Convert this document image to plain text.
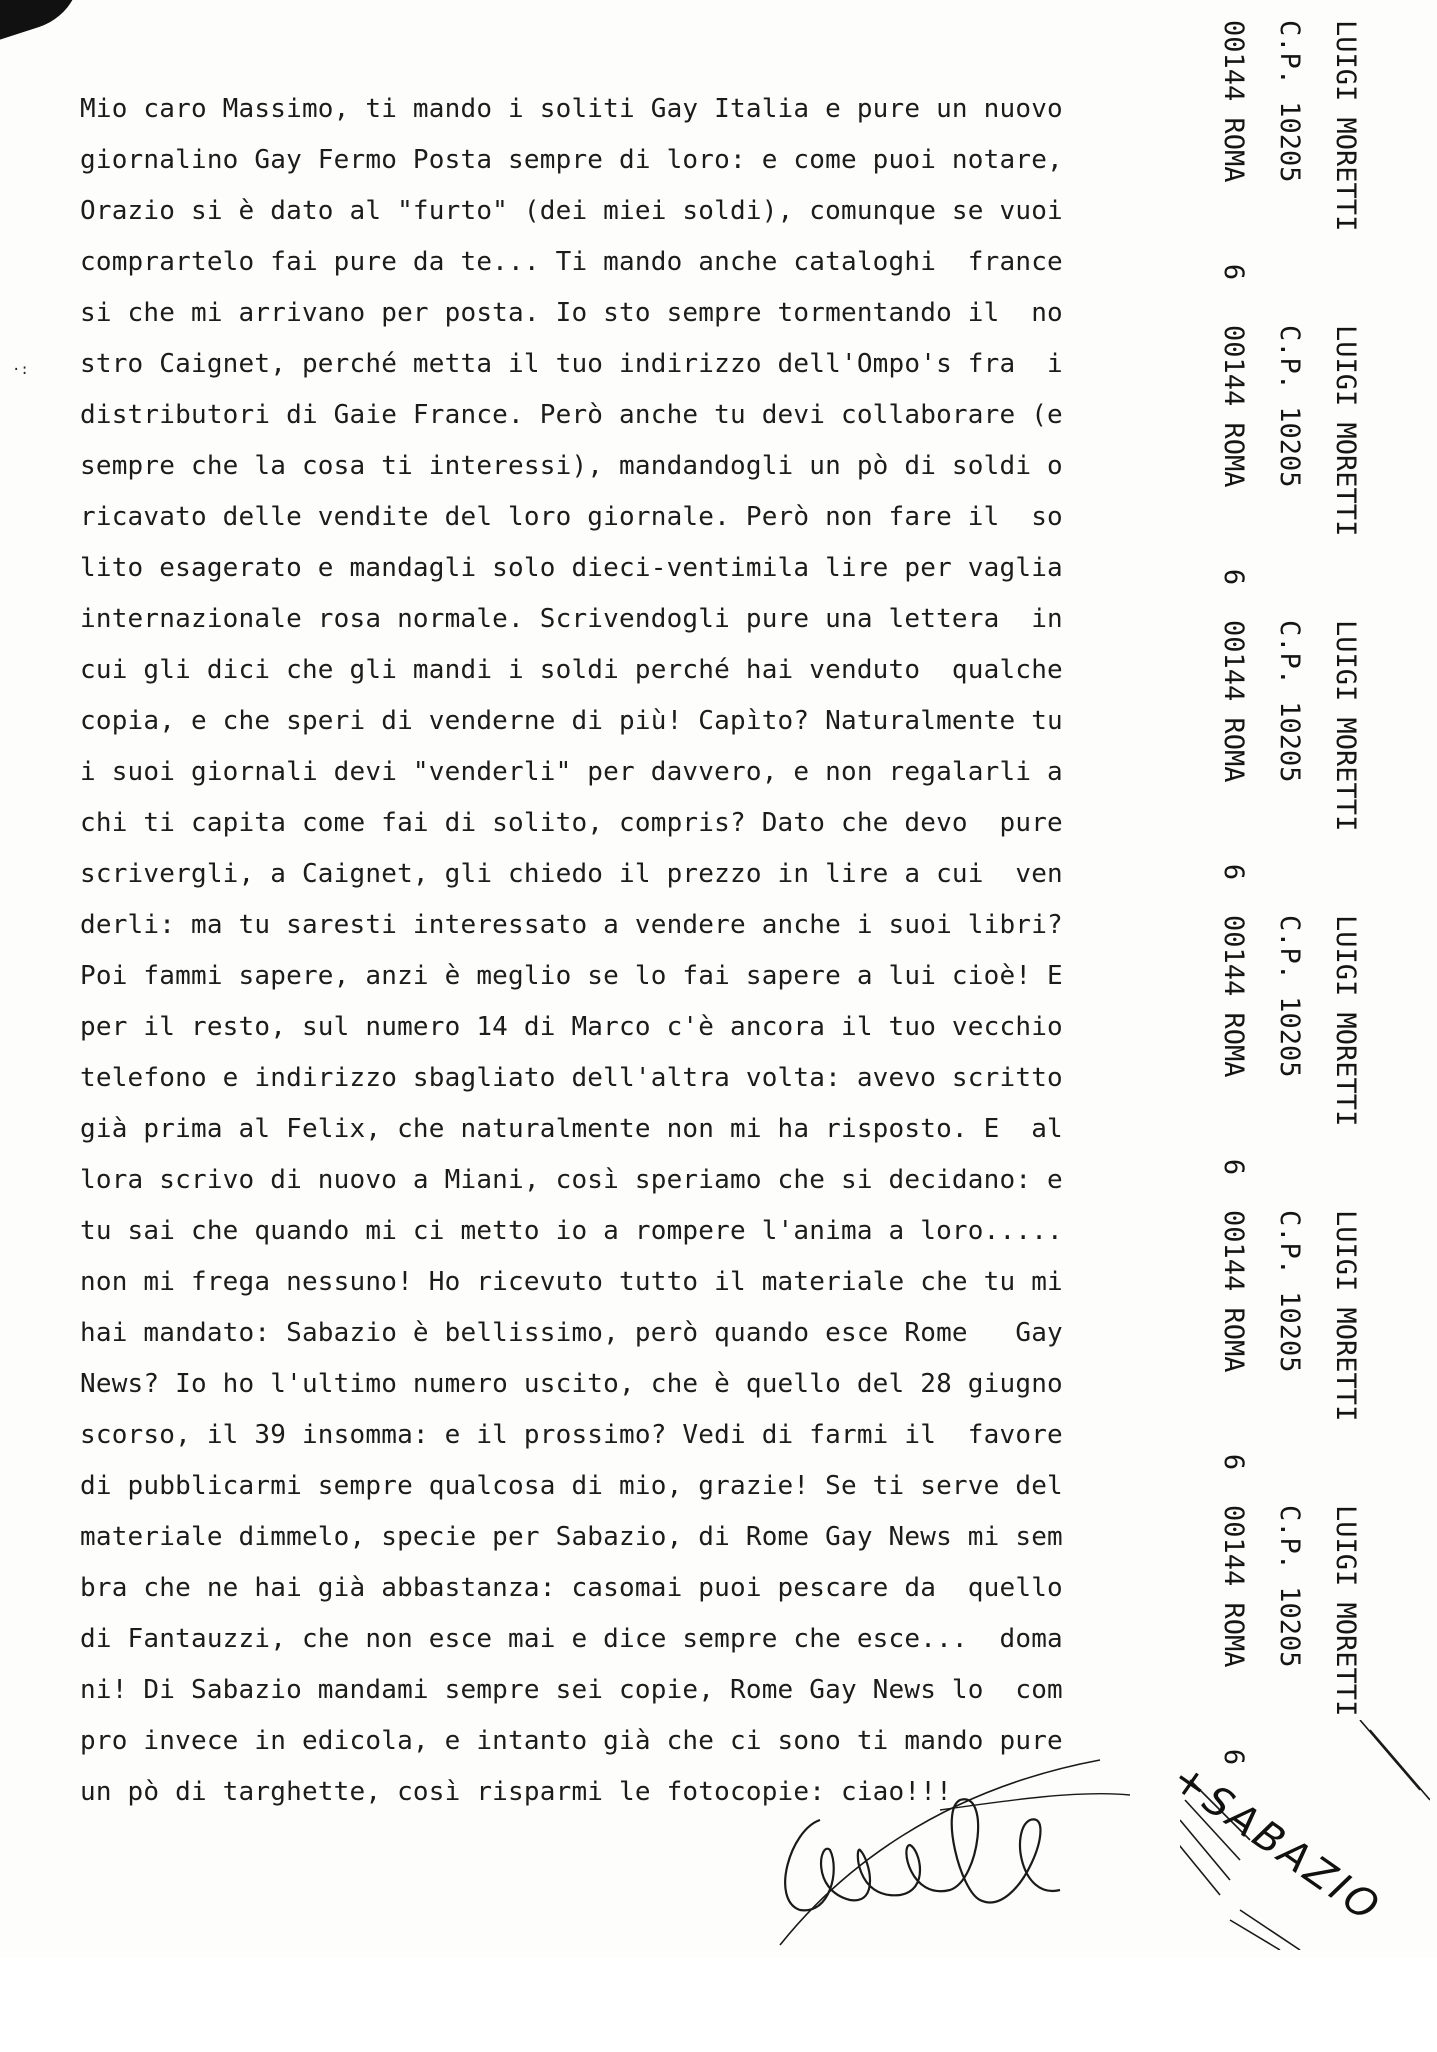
·:
Mio caro Massimo, ti mando i soliti Gay Italia e pure un nuovo
giornalino Gay Fermo Posta sempre di loro: e come puoi notare,
Orazio si è dato al "furto" (dei miei soldi), comunque se vuoi
comprartelo fai pure da te... Ti mando anche cataloghi  france
si che mi arrivano per posta. Io sto sempre tormentando il  no
stro Caignet, perché metta il tuo indirizzo dell'Ompo's fra  i
distributori di Gaie France. Però anche tu devi collaborare (e
sempre che la cosa ti interessi), mandandogli un pò di soldi o
ricavato delle vendite del loro giornale. Però non fare il  so
lito esagerato e mandagli solo dieci-ventimila lire per vaglia
internazionale rosa normale. Scrivendogli pure una lettera  in
cui gli dici che gli mandi i soldi perché hai venduto  qualche
copia, e che speri di venderne di più! Capìto? Naturalmente tu
i suoi giornali devi "venderli" per davvero, e non regalarli a
chi ti capita come fai di solito, compris? Dato che devo  pure
scrivergli, a Caignet, gli chiedo il prezzo in lire a cui  ven
derli: ma tu saresti interessato a vendere anche i suoi libri?
Poi fammi sapere, anzi è meglio se lo fai sapere a lui cioè! E
per il resto, sul numero 14 di Marco c'è ancora il tuo vecchio
telefono e indirizzo sbagliato dell'altra volta: avevo scritto
già prima al Felix, che naturalmente non mi ha risposto. E  al
lora scrivo di nuovo a Miani, così speriamo che si decidano: e
tu sai che quando mi ci metto io a rompere l'anima a loro.....
non mi frega nessuno! Ho ricevuto tutto il materiale che tu mi
hai mandato: Sabazio è bellissimo, però quando esce Rome   Gay
News? Io ho l'ultimo numero uscito, che è quello del 28 giugno
scorso, il 39 insomma: e il prossimo? Vedi di farmi il  favore
di pubblicarmi sempre qualcosa di mio, grazie! Se ti serve del
materiale dimmelo, specie per Sabazio, di Rome Gay News mi sem
bra che ne hai già abbastanza: casomai puoi pescare da  quello
di Fantauzzi, che non esce mai e dice sempre che esce...  doma
ni! Di Sabazio mandami sempre sei copie, Rome Gay News lo  com
pro invece in edicola, e intanto già che ci sono ti mando pure
un pò di targhette, così risparmi le fotocopie: ciao!!!
LUIGI MORETTI
C.P. 10205
00144 ROMA     6
LUIGI MORETTI
C.P. 10205
00144 ROMA     6
LUIGI MORETTI
C.P. 10205
00144 ROMA     6
LUIGI MORETTI
C.P. 10205
00144 ROMA     6
LUIGI MORETTI
C.P. 10205
00144 ROMA     6
LUIGI MORETTI
C.P. 10205
00144 ROMA     6
+SABAZIO
